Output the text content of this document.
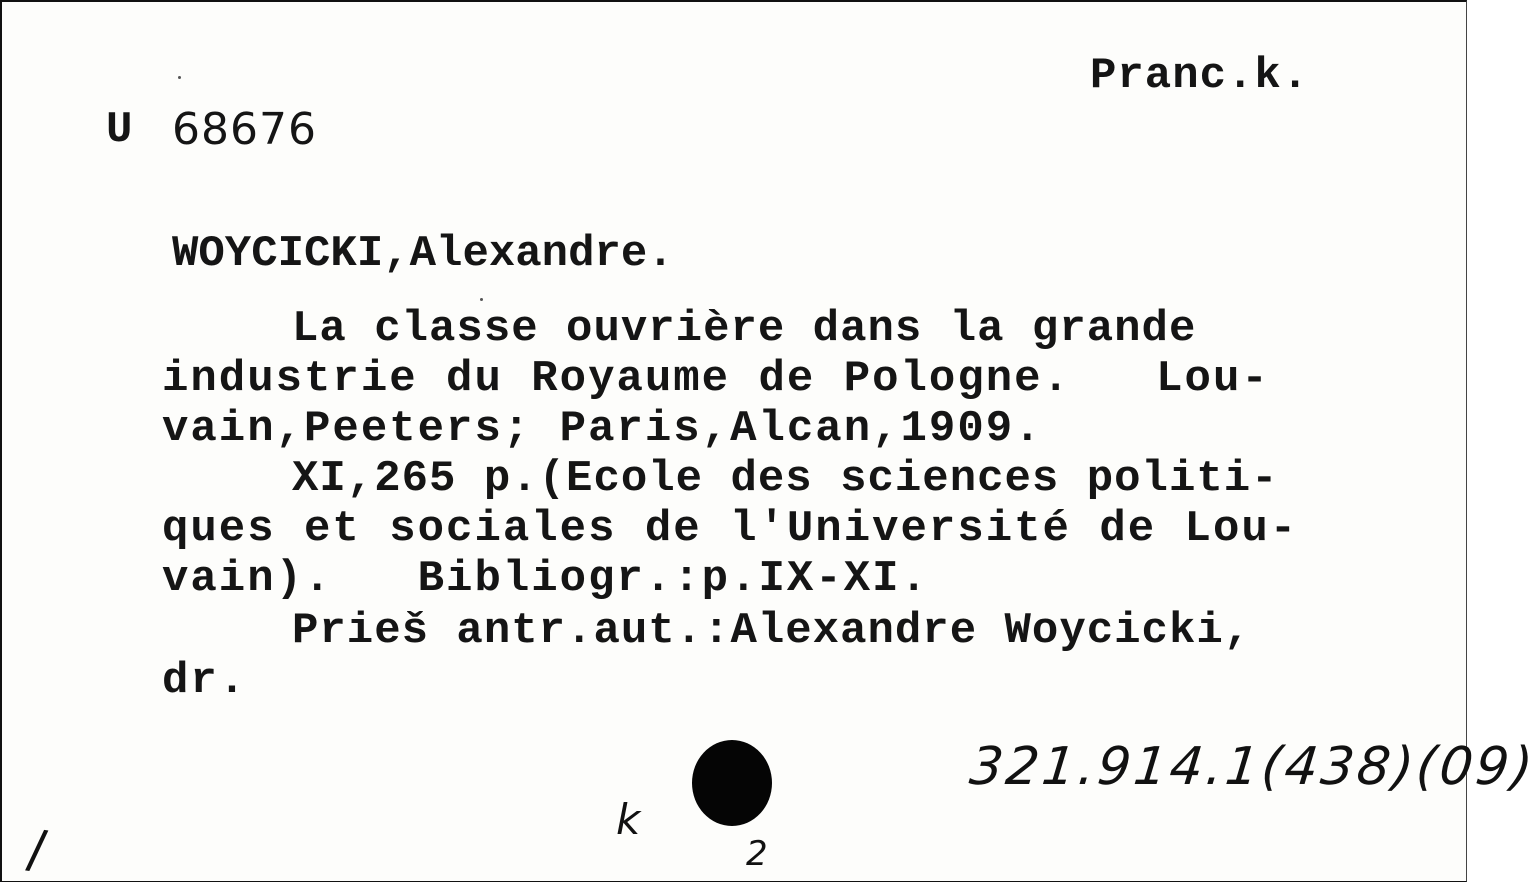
Pranc.k.
U 68676
WOYCICKI,Alexandre.
La classe ouvrière dans la grande
industrie du Royaume de Pologne.   Lou-
vain,Peeters; Paris,Alcan,1909.
XI,265 p.(Ecole des sciences politi-
ques et sociales de l'Université de Lou-
vain).   Bibliogr.:p.IX-XI.
Prieš antr.aut.:Alexandre Woycicki,
dr.
321.914.1(438)(09)
k
2
/
